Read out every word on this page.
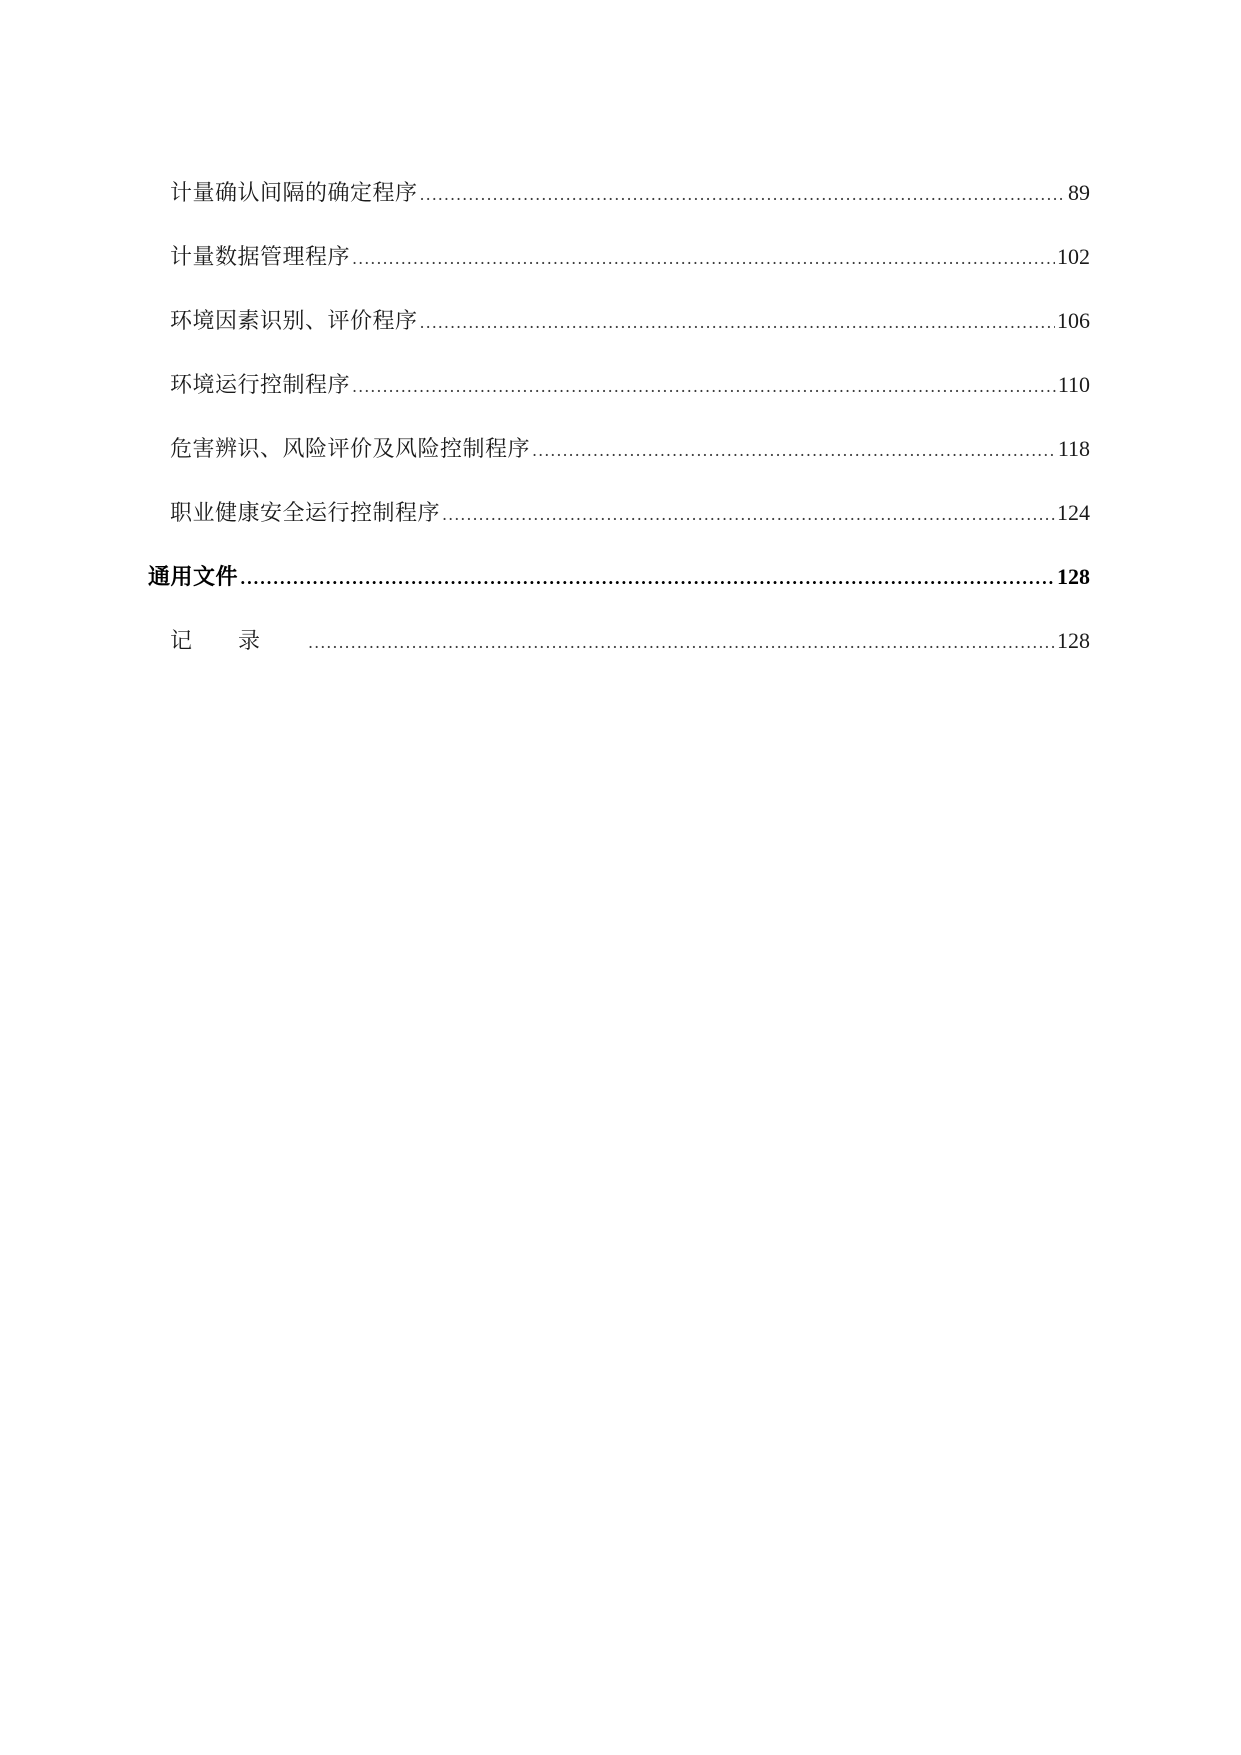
计量确认间隔的确定程序 .....	89
计量数据管理程序 .....	102
环境因素识别、评价程序 .....	106
环境运行控制程序 .....	110
危害辨识、风险评价及风险控制程序 .....	118
职业健康安全运行控制程序 .....	124
通用文件 .....	128
记录 .....	128
